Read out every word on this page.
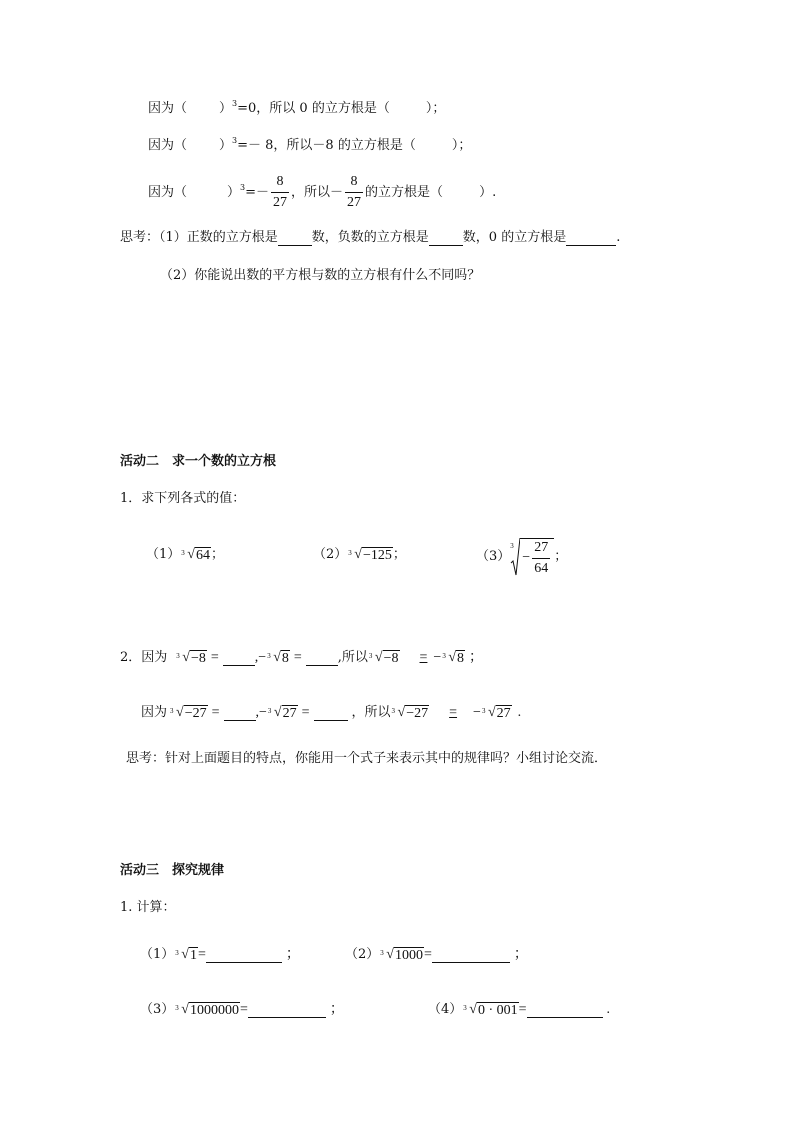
因为（ ） 3 =0，所以 0 的立方根是（	）；
因为（ ） 3 =－ 8，所以－8 的立方根是（	）；
因为（	） $3 =- \frac{8}{27}$ ，所以－ $\frac{8}{27}$ 的立方根是（	）.
思考：（1）正数的立方根是	数，负数的立方根是	数，0 的立方根是	.
（2）你能说出数的平方根与数的立方根有什么不同吗？
活动二　求一个数的立方根
1．求下列各式的值：
（1） 3 √ 64 ；	（2） 3 √ −125 ；	（3）
3
− $\frac{27}{64}$ ；
2．因为 3 √ −8 =	, − 3 √ 8 =	,所以 3 √ −8	= − 3 √ 8 ；
因为 3 √ −27 =	, − 3 √ 27 =	，所以 3 √ −27	=	− 3 √ 27 .
思考：针对上面题目的特点，你能用一个式子来表示其中的规律吗？小组讨论交流．
活动三　探究规律
1. 计算：
（1） 3 √ 1 =	；	（2） 3 √ 1000 =	；
（3） 3 √ 1000000 =	；	（4） 3 √ 0 · 001 =	.
